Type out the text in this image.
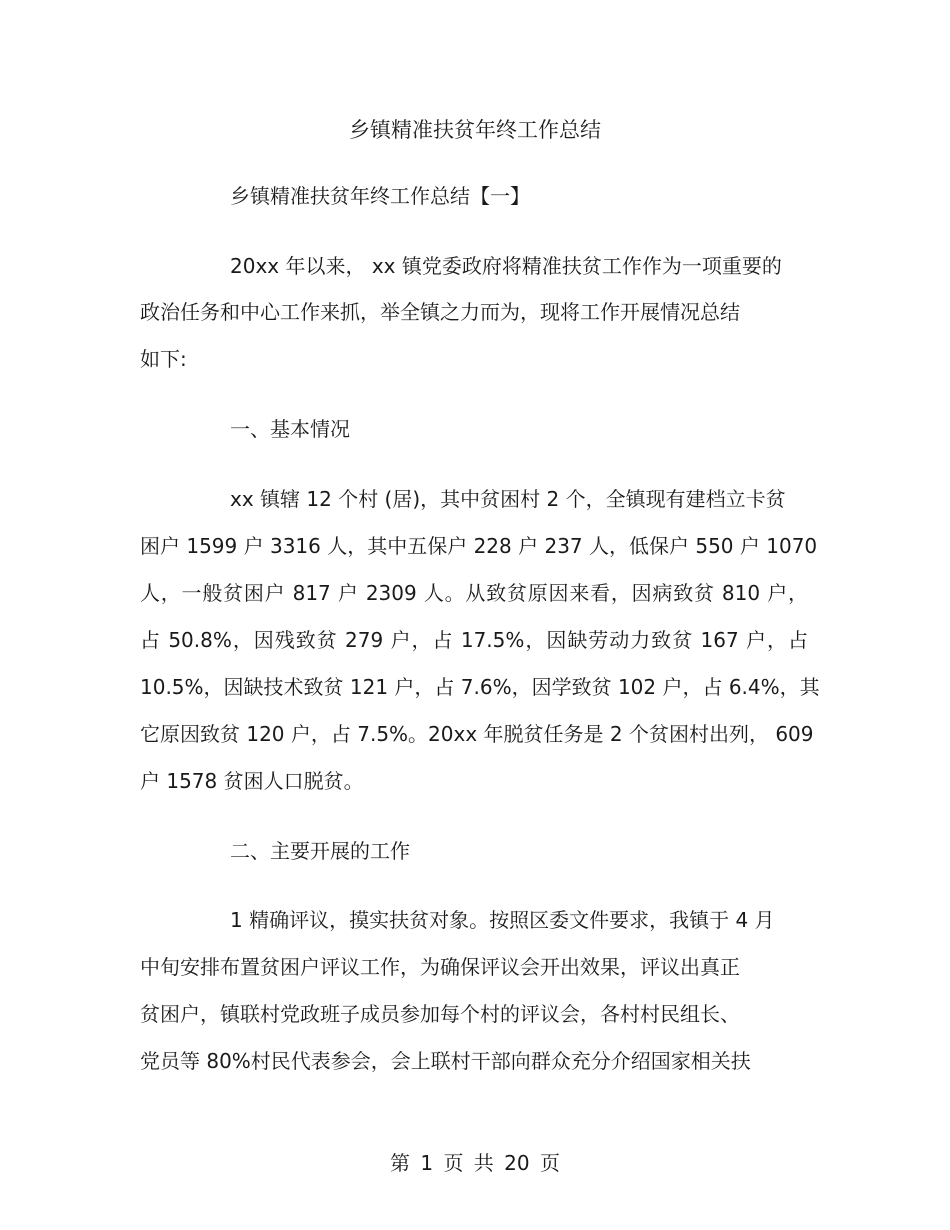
乡镇精准扶贫年终工作总结

乡镇精准扶贫年终工作总结【一】

20xx 年以来， xx 镇党委政府将精准扶贫工作作为一项重要的

政治任务和中心工作来抓，举全镇之力而为，现将工作开展情况总结

如下:

一、基本情况

xx 镇辖 12 个村 (居)，其中贫困村 2 个，全镇现有建档立卡贫

困户 1599 户 3316 人，其中五保户 228 户 237 人，低保户 550 户 1070

人，一般贫困户 817 户 2309 人。从致贫原因来看，因病致贫 810 户，

占 50.8%，因残致贫 279 户，占 17.5%，因缺劳动力致贫 167 户，占

10.5%，因缺技术致贫 121 户，占 7.6%，因学致贫 102 户，占 6.4%，其

它原因致贫 120 户，占 7.5%。20xx 年脱贫任务是 2 个贫困村出列， 609

户 1578 贫困人口脱贫。

二、主要开展的工作

1 精确评议，摸实扶贫对象。按照区委文件要求，我镇于 4 月

中旬安排布置贫困户评议工作，为确保评议会开出效果，评议出真正

贫困户，镇联村党政班子成员参加每个村的评议会，各村村民组长、

党员等 80%村民代表参会，会上联村干部向群众充分介绍国家相关扶

第 1 页 共 20 页
